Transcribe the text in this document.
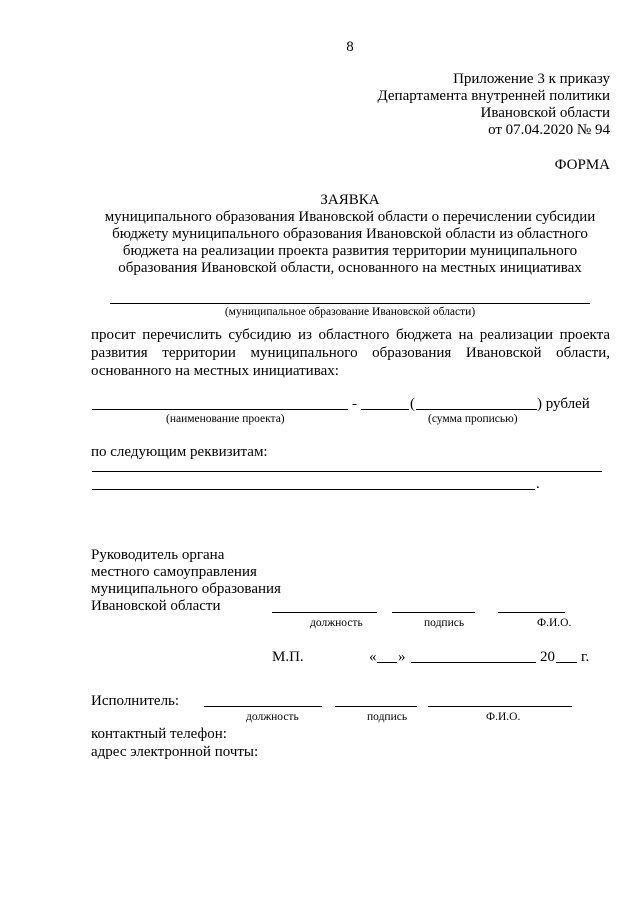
8
Приложение 3 к приказу
Департамента внутренней политики
Ивановской области
от 07.04.2020 № 94
ФОРМА
ЗАЯВКА
муниципального образования Ивановской области о перечислении субсидии
бюджету муниципального образования Ивановской области из областного
бюджета на реализации проекта развития территории муниципального
образования Ивановской области, основанного на местных инициативах
(муниципальное образование Ивановской области)
просит перечислить субсидию из областного бюджета на реализации проекта
развития территории муниципального образования Ивановской области,
основанного на местных инициативах:
-	(	) рублей
(наименование проекта)	(сумма прописью)
по следующим реквизитам:
.
Руководитель органа
местного самоуправления
муниципального образования
Ивановской области
должность	подпись	Ф.И.О.
М.П.	« »	20 г.
Исполнитель:
должность	подпись	Ф.И.О.
контактный телефон:
адрес электронной почты:
